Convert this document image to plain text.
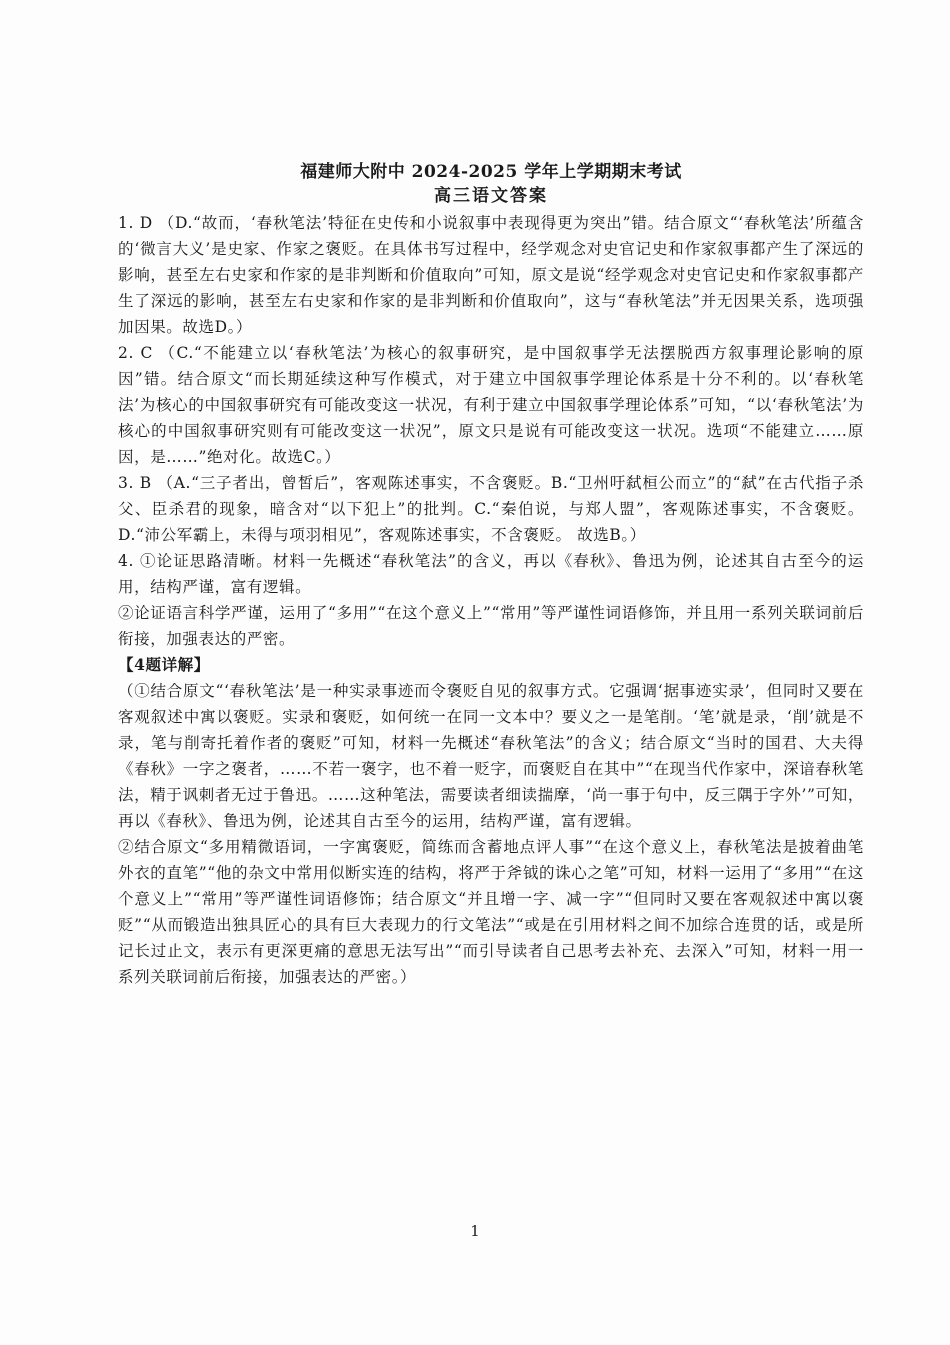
福建师大附中 2024-2025 学年上学期期末考试

高三语文答案

1. D （D.“故而，‘春秋笔法’特征在史传和小说叙事中表现得更为突出”错。结合原文“‘春秋笔法’所蕴含的‘微言大义’是史家、作家之褒贬。在具体书写过程中，经学观念对史官记史和作家叙事都产生了深远的影响，甚至左右史家和作家的是非判断和价值取向”可知，原文是说“经学观念对史官记史和作家叙事都产生了深远的影响，甚至左右史家和作家的是非判断和价值取向”，这与“春秋笔法”并无因果关系，选项强加因果。故选D。）

2. C （C.“不能建立以‘春秋笔法’为核心的叙事研究，是中国叙事学无法摆脱西方叙事理论影响的原因”错。结合原文“而长期延续这种写作模式，对于建立中国叙事学理论体系是十分不利的。以‘春秋笔法’为核心的中国叙事研究有可能改变这一状况，有利于建立中国叙事学理论体系”可知，“以‘春秋笔法’为核心的中国叙事研究则有可能改变这一状况”，原文只是说有可能改变这一状况。选项“不能建立……原因，是……”绝对化。故选C。）

3. B （A.“三子者出，曾皙后”，客观陈述事实，不含褒贬。B.“卫州吁弑桓公而立”的“弑”在古代指子杀父、臣杀君的现象，暗含对“以下犯上”的批判。C.“秦伯说，与郑人盟”，客观陈述事实，不含褒贬。D.“沛公军霸上，未得与项羽相见”，客观陈述事实，不含褒贬。 故选B。）

4. ①论证思路清晰。材料一先概述“春秋笔法”的含义，再以《春秋》、鲁迅为例，论述其自古至今的运用，结构严谨，富有逻辑。

②论证语言科学严谨，运用了“多用”“在这个意义上”“常用”等严谨性词语修饰，并且用一系列关联词前后衔接，加强表达的严密。

【4题详解】

（①结合原文“‘春秋笔法’是一种实录事迹而令褒贬自见的叙事方式。它强调‘据事迹实录’，但同时又要在客观叙述中寓以褒贬。实录和褒贬，如何统一在同一文本中？要义之一是笔削。‘笔’就是录，‘削’就是不录，笔与削寄托着作者的褒贬”可知，材料一先概述“春秋笔法”的含义；结合原文“当时的国君、大夫得《春秋》一字之褒者，……不若一褒字，也不着一贬字，而褒贬自在其中”“在现当代作家中，深谙春秋笔法，精于讽刺者无过于鲁迅。……这种笔法，需要读者细读揣摩，‘尚一事于句中，反三隅于字外’”可知，再以《春秋》、鲁迅为例，论述其自古至今的运用，结构严谨，富有逻辑。

②结合原文“多用精微语词，一字寓褒贬，简练而含蓄地点评人事”“在这个意义上，春秋笔法是披着曲笔外衣的直笔”“他的杂文中常用似断实连的结构，将严于斧钺的诛心之笔”可知，材料一运用了“多用”“在这个意义上”“常用”等严谨性词语修饰；结合原文“并且增一字、减一字”“但同时又要在客观叙述中寓以褒贬”“从而锻造出独具匠心的具有巨大表现力的行文笔法”“或是在引用材料之间不加综合连贯的话，或是所记长过止文，表示有更深更痛的意思无法写出”“而引导读者自己思考去补充、去深入”可知，材料一用一系列关联词前后衔接，加强表达的严密。）

1
